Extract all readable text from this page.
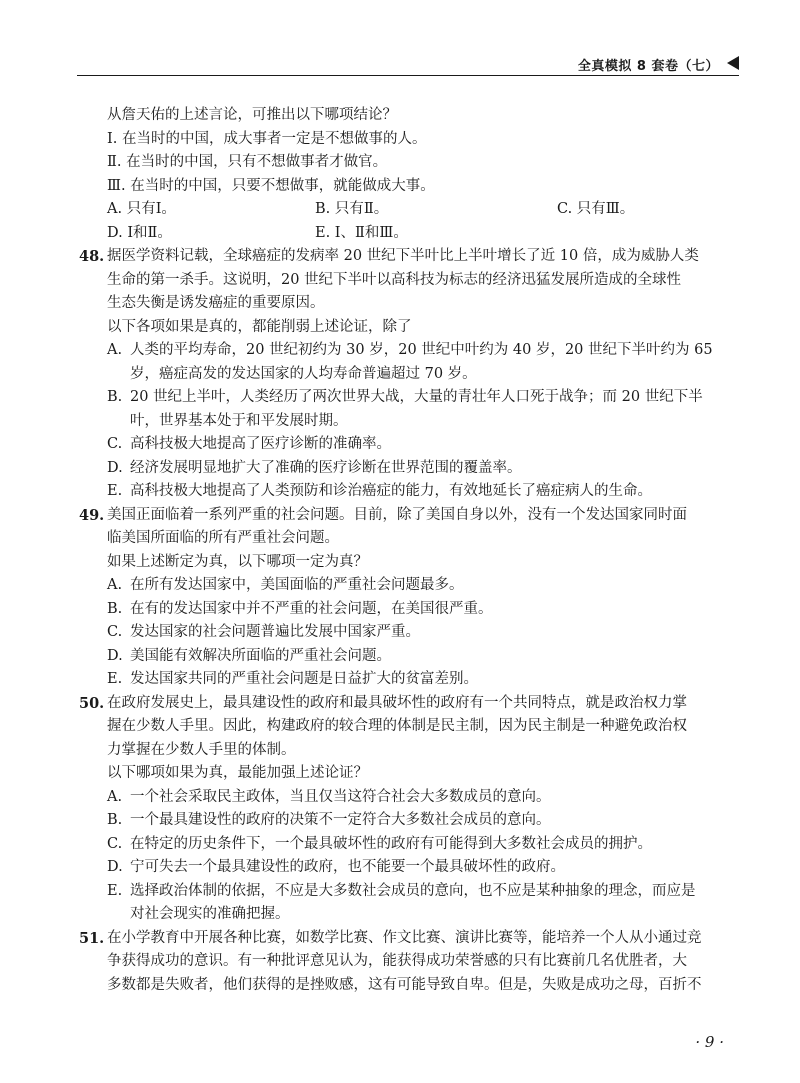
全真模拟 8 套卷（七）
从詹天佑的上述言论，可推出以下哪项结论？
Ⅰ. 在当时的中国，成大事者一定是不想做事的人。
Ⅱ. 在当时的中国，只有不想做事者才做官。
Ⅲ. 在当时的中国，只要不想做事，就能做成大事。
A. 只有Ⅰ。	B. 只有Ⅱ。	C. 只有Ⅲ。
D. Ⅰ和Ⅱ。	E. Ⅰ、Ⅱ和Ⅲ。
48. 据医学资料记载，全球癌症的发病率 20 世纪下半叶比上半叶增长了近 10 倍，成为威胁人类
生命的第一杀手。这说明，20 世纪下半叶以高科技为标志的经济迅猛发展所造成的全球性
生态失衡是诱发癌症的重要原因。
以下各项如果是真的，都能削弱上述论证，除了
A. 人类的平均寿命，20 世纪初约为 30 岁，20 世纪中叶约为 40 岁，20 世纪下半叶约为 65
岁，癌症高发的发达国家的人均寿命普遍超过 70 岁。
B. 20 世纪上半叶，人类经历了两次世界大战，大量的青壮年人口死于战争；而 20 世纪下半
叶，世界基本处于和平发展时期。
C. 高科技极大地提高了医疗诊断的准确率。
D. 经济发展明显地扩大了准确的医疗诊断在世界范围的覆盖率。
E. 高科技极大地提高了人类预防和诊治癌症的能力，有效地延长了癌症病人的生命。
49. 美国正面临着一系列严重的社会问题。目前，除了美国自身以外，没有一个发达国家同时面
临美国所面临的所有严重社会问题。
如果上述断定为真，以下哪项一定为真？
A. 在所有发达国家中，美国面临的严重社会问题最多。
B. 在有的发达国家中并不严重的社会问题，在美国很严重。
C. 发达国家的社会问题普遍比发展中国家严重。
D. 美国能有效解决所面临的严重社会问题。
E. 发达国家共同的严重社会问题是日益扩大的贫富差别。
50. 在政府发展史上，最具建设性的政府和最具破坏性的政府有一个共同特点，就是政治权力掌
握在少数人手里。因此，构建政府的较合理的体制是民主制，因为民主制是一种避免政治权
力掌握在少数人手里的体制。
以下哪项如果为真，最能加强上述论证？
A. 一个社会采取民主政体，当且仅当这符合社会大多数成员的意向。
B. 一个最具建设性的政府的决策不一定符合大多数社会成员的意向。
C. 在特定的历史条件下，一个最具破坏性的政府有可能得到大多数社会成员的拥护。
D. 宁可失去一个最具建设性的政府，也不能要一个最具破坏性的政府。
E. 选择政治体制的依据，不应是大多数社会成员的意向，也不应是某种抽象的理念，而应是
对社会现实的准确把握。
51. 在小学教育中开展各种比赛，如数学比赛、作文比赛、演讲比赛等，能培养一个人从小通过竞
争获得成功的意识。有一种批评意见认为，能获得成功荣誉感的只有比赛前几名优胜者，大
多数都是失败者，他们获得的是挫败感，这有可能导致自卑。但是，失败是成功之母，百折不
· 9 ·
